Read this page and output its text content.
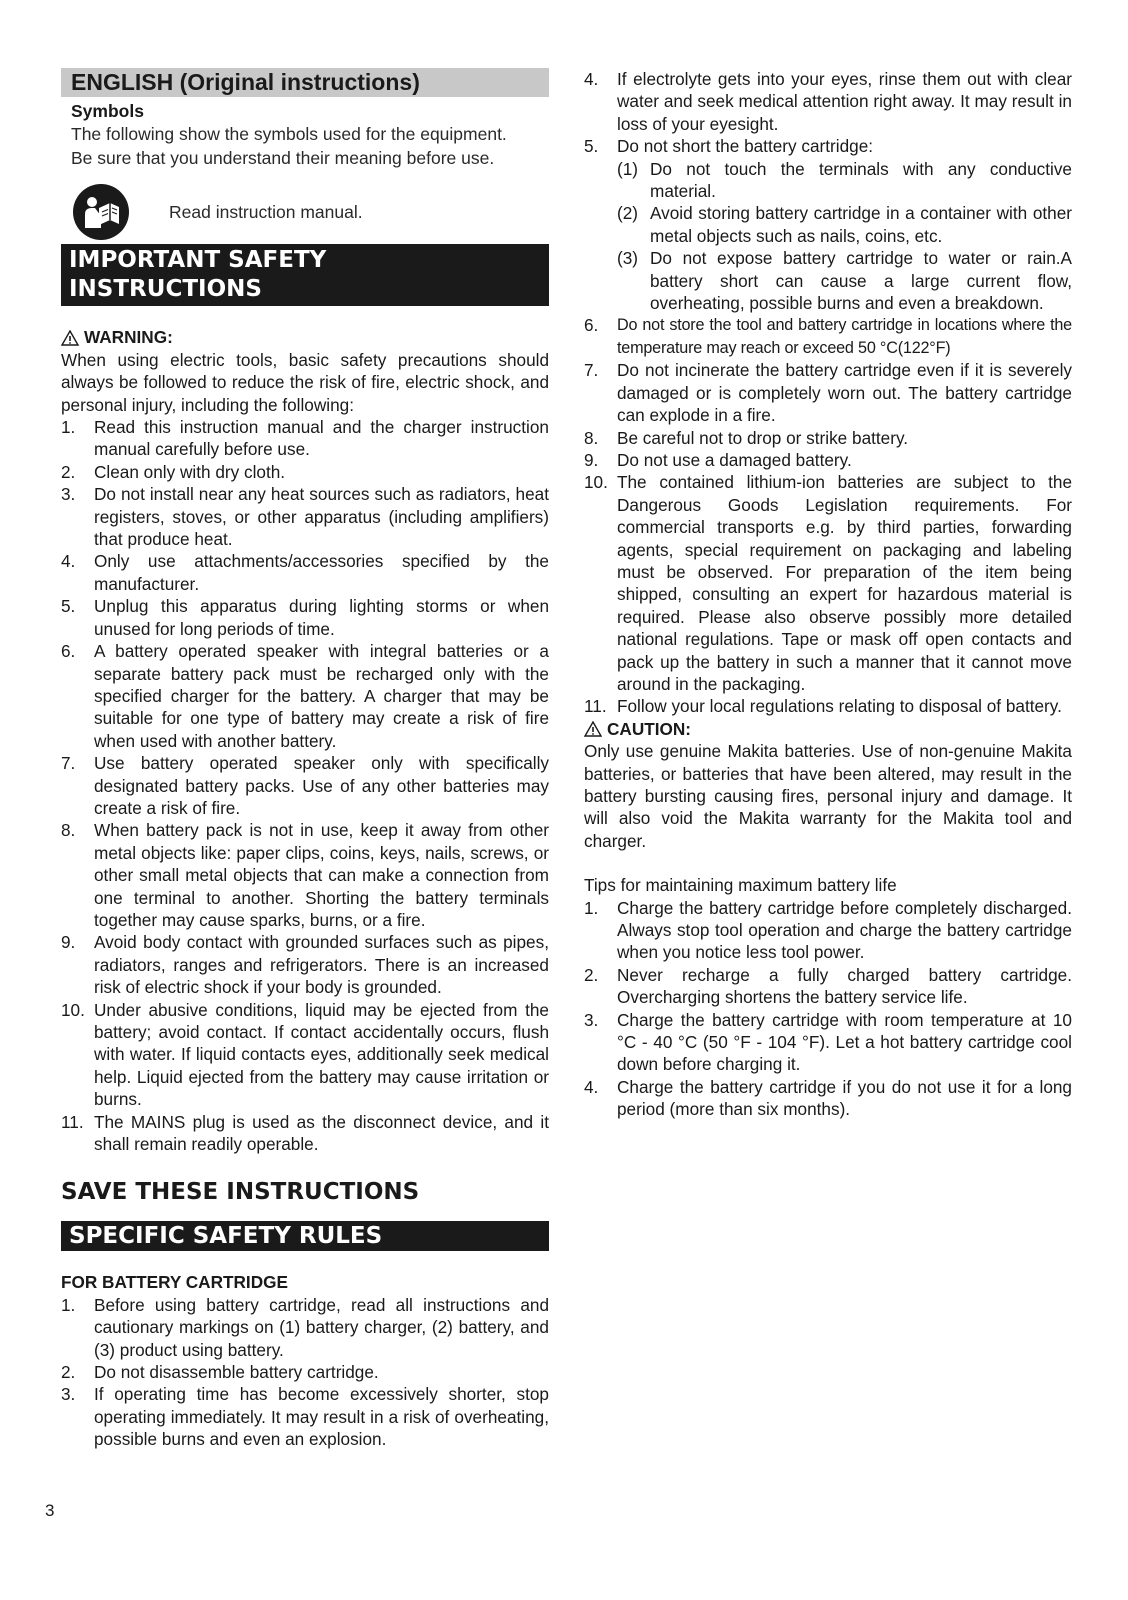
ENGLISH (Original instructions)
Symbols
The following show the symbols used for the equipment.
Be sure that you understand their meaning before use.
Read instruction manual.
IMPORTANT SAFETY
INSTRUCTIONS
WARNING:

When using electric tools, basic safety precautions should always be followed to reduce the risk of fire, electric shock, and personal injury, including the following:

1.	Read this instruction manual and the charger instruction manual carefully before use.
2.	Clean only with dry cloth.
3.	Do not install near any heat sources such as radiators, heat registers, stoves, or other apparatus (including amplifiers) that produce heat.
4.	Only use attachments/accessories specified by the manufacturer.
5.	Unplug this apparatus during lighting storms or when unused for long periods of time.
6.	A battery operated speaker with integral batteries or a separate battery pack must be recharged only with the specified charger for the battery. A charger that may be suitable for one type of battery may create a risk of fire when used with another battery.
7.	Use battery operated speaker only with specifically designated battery packs. Use of any other batteries may create a risk of fire.
8.	When battery pack is not in use, keep it away from other metal objects like: paper clips, coins, keys, nails, screws, or other small metal objects that can make a connection from one terminal to another. Shorting the battery terminals together may cause sparks, burns, or a fire.
9.	Avoid body contact with grounded surfaces such as pipes, radiators, ranges and refrigerators. There is an increased risk of electric shock if your body is grounded.
10. Under abusive conditions, liquid may be ejected from the battery; avoid contact. If contact accidentally occurs, flush with water. If liquid contacts eyes, additionally seek medical help. Liquid ejected from the battery may cause irritation or burns.
11. The MAINS plug is used as the disconnect device, and it shall remain readily operable.
SAVE THESE INSTRUCTIONS
SPECIFIC SAFETY RULES
FOR BATTERY CARTRIDGE
1.	Before using battery cartridge, read all instructions and cautionary markings on (1) battery charger, (2) battery, and (3) product using battery.
2.	Do not disassemble battery cartridge.
3.	If operating time has become excessively shorter, stop operating immediately. It may result in a risk of overheating, possible burns and even an explosion.
4.	If electrolyte gets into your eyes, rinse them out with clear water and seek medical attention right away. It may result in loss of your eyesight.
5.	Do not short the battery cartridge:
(1) Do not touch the terminals with any conductive material.
(2) Avoid storing battery cartridge in a container with other metal objects such as nails, coins, etc.
(3) Do not expose battery cartridge to water or rain.A battery short can cause a large current flow, overheating, possible burns and even a breakdown.
6.	Do not store the tool and battery cartridge in locations where the temperature may reach or exceed 50 °C(122°F)
7.	Do not incinerate the battery cartridge even if it is severely damaged or is completely worn out. The battery cartridge can explode in a fire.
8.	Be careful not to drop or strike battery.
9.	Do not use a damaged battery.
10. The contained lithium-ion batteries are subject to the Dangerous Goods Legislation requirements. For commercial transports e.g. by third parties, forwarding agents, special requirement on packaging and labeling must be observed. For preparation of the item being shipped, consulting an expert for hazardous material is required. Please also observe possibly more detailed national regulations. Tape or mask off open contacts and pack up the battery in such a manner that it cannot move around in the packaging.
11. Follow your local regulations relating to disposal of battery.
CAUTION:

Only use genuine Makita batteries. Use of non-genuine Makita batteries, or batteries that have been altered, may result in the battery bursting causing fires, personal injury and damage. It will also void the Makita warranty for the Makita tool and charger.

Tips for maintaining maximum battery life
1.	Charge the battery cartridge before completely discharged. Always stop tool operation and charge the battery cartridge when you notice less tool power.
2.	Never recharge a fully charged battery cartridge. Overcharging shortens the battery service life.
3.	Charge the battery cartridge with room temperature at 10 °C - 40 °C (50 °F - 104 °F). Let a hot battery cartridge cool down before charging it.
4.	Charge the battery cartridge if you do not use it for a long period (more than six months).
3
